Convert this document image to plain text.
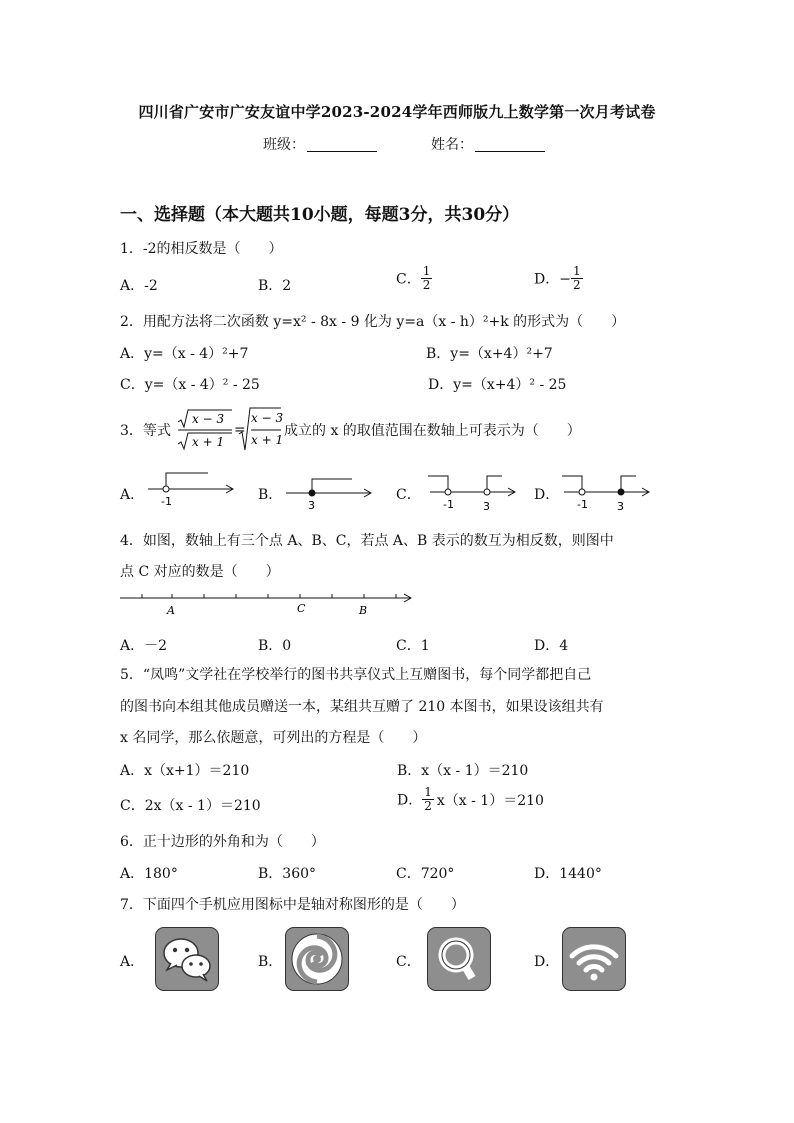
四川省广安市广安友谊中学2023-2024学年西师版九上数学第一次月考试卷
班级：	姓名：
一、选择题（本大题共10小题，每题3分，共30分）
1．-2的相反数是（　　）
A．-2	B．2	C． $\frac{1}{2}$	D．− $\frac{1}{2}$
2．用配方法将二次函数 y=x² - 8x - 9 化为 y=a（x - h）²+k 的形式为（　　）
A．y=（x - 4）²+7	B．y=（x+4）²+7
C．y=（x - 4）² - 25	D．y=（x+4）² - 25
3．等式
x − 3
x + 1
=
x − 3
x + 1
成立的 x 的取值范围在数轴上可表示为（　　）
A． -1	B．
3
C．
-1	3
D．
-1	3
4．如图，数轴上有三个点 A、B、C，若点 A、B 表示的数互为相反数，则图中
点 C 对应的数是（　　）
A	C	B
A．－2	B．0	C．1	D．4
5．“凤鸣”文学社在学校举行的图书共享仪式上互赠图书，每个同学都把自己
的图书向本组其他成员赠送一本，某组共互赠了 210 本图书，如果设该组共有
x 名同学，那么依题意，可列出的方程是（　　）
A．x（x+1）＝210	B．x（x - 1）＝210
C．2x（x - 1）＝210	D． $\frac{1}{2} x(x - 1)=210$
6．正十边形的外角和为（　　）
A．180°	B．360°	C．720°	D．1440°
7．下面四个手机应用图标中是轴对称图形的是（　　）
A．	B．	C．	D．
